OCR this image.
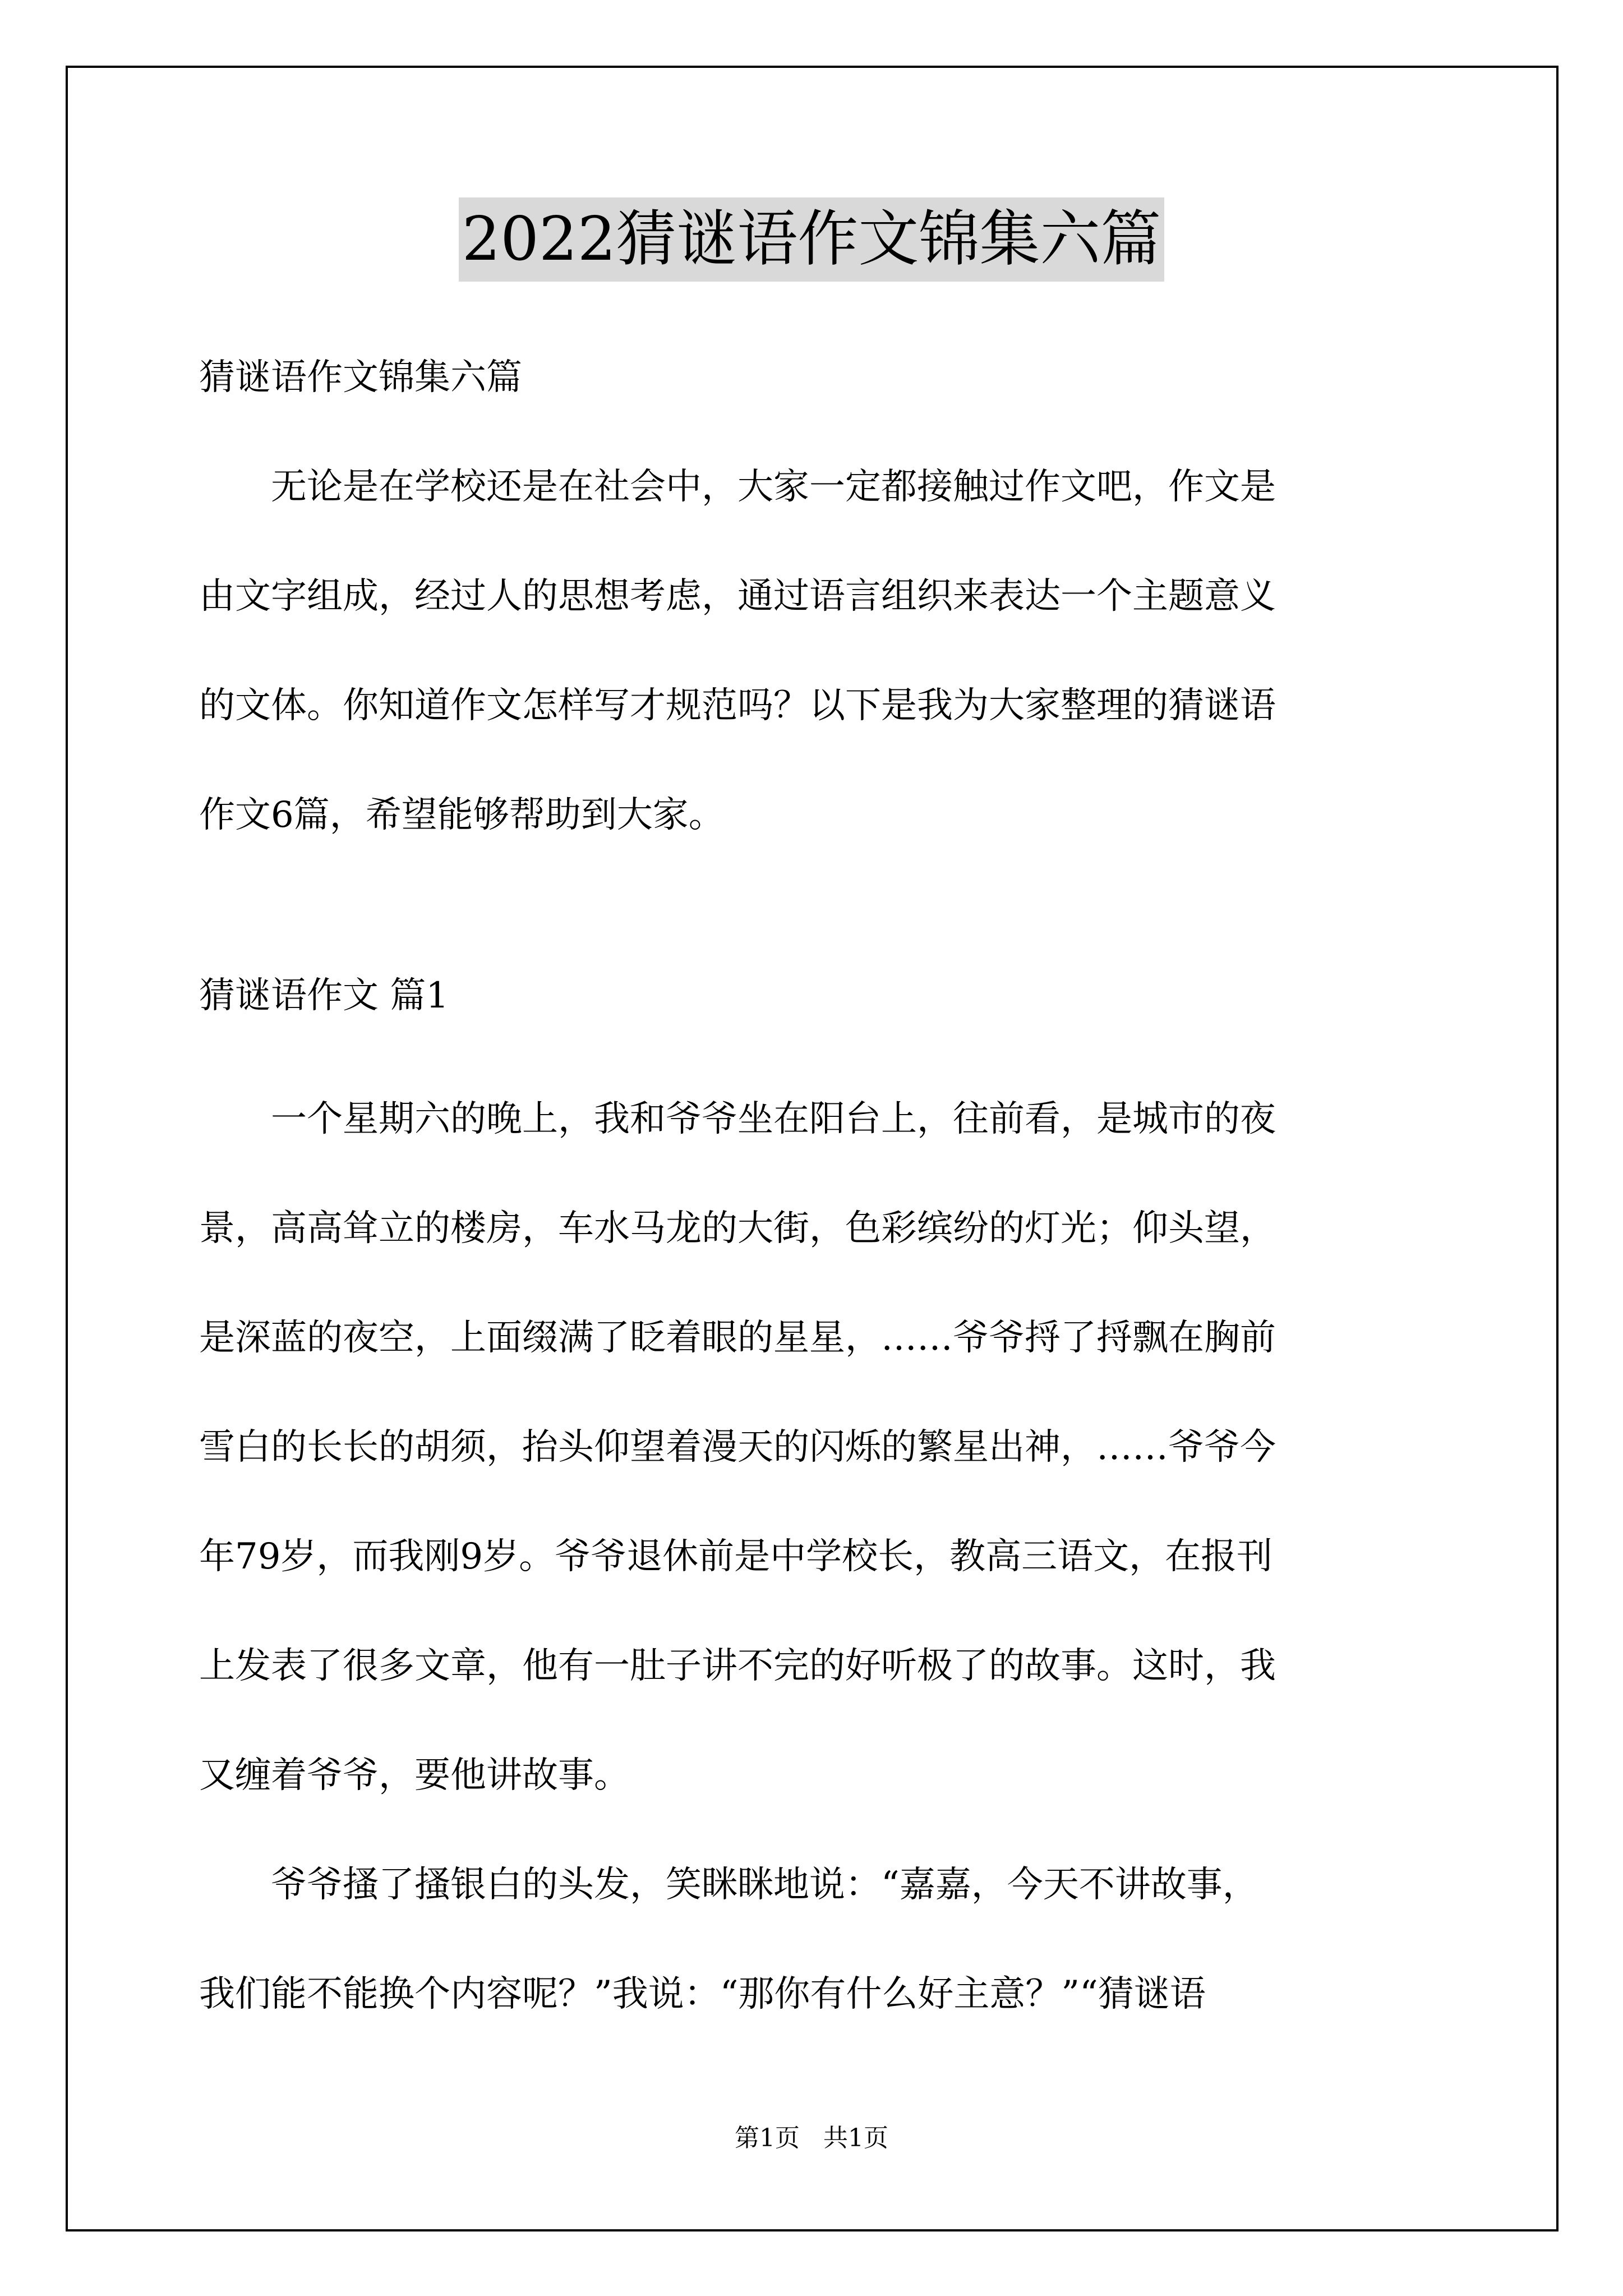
2022猜谜语作文锦集六篇
猜谜语作文锦集六篇
　　无论是在学校还是在社会中，大家一定都接触过作文吧，作文是
由文字组成，经过人的思想考虑，通过语言组织来表达一个主题意义
的文体。你知道作文怎样写才规范吗？以下是我为大家整理的猜谜语
作文6篇，希望能够帮助到大家。
猜谜语作文 篇1
　　一个星期六的晚上，我和爷爷坐在阳台上，往前看，是城市的夜
景，高高耸立的楼房，车水马龙的大街，色彩缤纷的灯光；仰头望，
是深蓝的夜空，上面缀满了眨着眼的星星，……爷爷捋了捋飘在胸前
雪白的长长的胡须，抬头仰望着漫天的闪烁的繁星出神，……爷爷今
年79岁，而我刚9岁。爷爷退休前是中学校长，教高三语文，在报刊
上发表了很多文章，他有一肚子讲不完的好听极了的故事。这时，我
又缠着爷爷，要他讲故事。
　　爷爷搔了搔银白的头发，笑眯眯地说：“嘉嘉，今天不讲故事，
我们能不能换个内容呢？”我说：“那你有什么好主意？”“猜谜语
第1页   共1页
